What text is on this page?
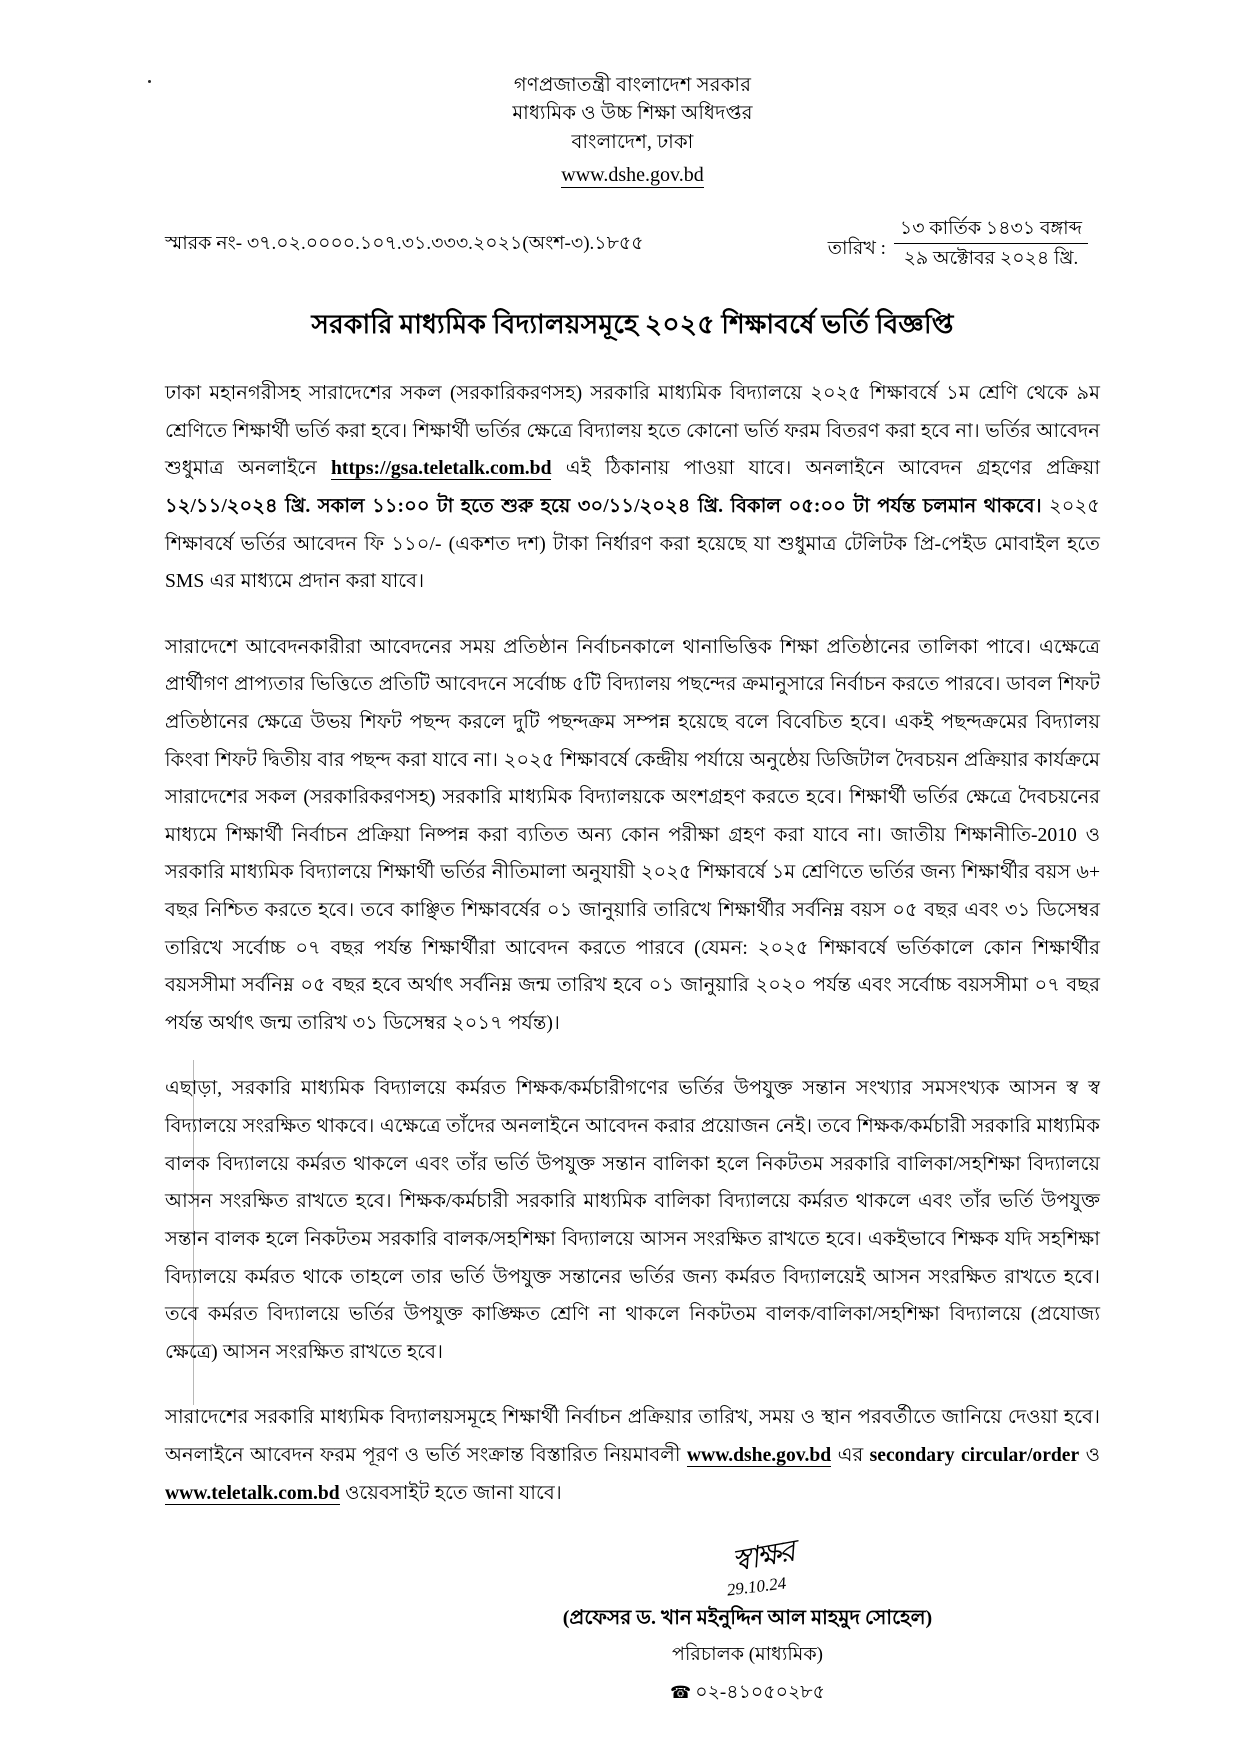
গণপ্রজাতন্ত্রী বাংলাদেশ সরকার
মাধ্যমিক ও উচ্চ শিক্ষা অধিদপ্তর
বাংলাদেশ, ঢাকা
www.dshe.gov.bd
স্মারক নং- ৩৭.০২.০০০০.১০৭.৩১.৩৩৩.২০২১(অংশ-৩).১৮৫৫	তারিখ :
১৩ কার্তিক ১৪৩১ বঙ্গাব্দ
২৯ অক্টোবর ২০২৪ খ্রি.
সরকারি মাধ্যমিক বিদ্যালয়সমূহে ২০২৫ শিক্ষাবর্ষে ভর্তি বিজ্ঞপ্তি

ঢাকা মহানগরীসহ সারাদেশের সকল (সরকারিকরণসহ) সরকারি মাধ্যমিক বিদ্যালয়ে ২০২৫ শিক্ষাবর্ষে ১ম শ্রেণি থেকে ৯ম শ্রেণিতে শিক্ষার্থী ভর্তি করা হবে। শিক্ষার্থী ভর্তির ক্ষেত্রে বিদ্যালয় হতে কোনো ভর্তি ফরম বিতরণ করা হবে না। ভর্তির আবেদন শুধুমাত্র অনলাইনে https://gsa.teletalk.com.bd এই ঠিকানায় পাওয়া যাবে। অনলাইনে আবেদন গ্রহণের প্রক্রিয়া ১২/১১/২০২৪ খ্রি. সকাল ১১:০০ টা হতে শুরু হয়ে ৩০/১১/২০২৪ খ্রি. বিকাল ০৫:০০ টা পর্যন্ত চলমান থাকবে। ২০২৫ শিক্ষাবর্ষে ভর্তির আবেদন ফি ১১০/- (একশত দশ) টাকা নির্ধারণ করা হয়েছে যা শুধুমাত্র টেলিটক প্রি-পেইড মোবাইল হতে SMS এর মাধ্যমে প্রদান করা যাবে।

সারাদেশে আবেদনকারীরা আবেদনের সময় প্রতিষ্ঠান নির্বাচনকালে থানাভিত্তিক শিক্ষা প্রতিষ্ঠানের তালিকা পাবে। এক্ষেত্রে প্রার্থীগণ প্রাপ্যতার ভিত্তিতে প্রতিটি আবেদনে সর্বোচ্চ ৫টি বিদ্যালয় পছন্দের ক্রমানুসারে নির্বাচন করতে পারবে। ডাবল শিফট প্রতিষ্ঠানের ক্ষেত্রে উভয় শিফট পছন্দ করলে দুটি পছন্দক্রম সম্পন্ন হয়েছে বলে বিবেচিত হবে। একই পছন্দক্রমের বিদ্যালয় কিংবা শিফট দ্বিতীয় বার পছন্দ করা যাবে না। ২০২৫ শিক্ষাবর্ষে কেন্দ্রীয় পর্যায়ে অনুষ্ঠেয় ডিজিটাল দৈবচয়ন প্রক্রিয়ার কার্যক্রমে সারাদেশের সকল (সরকারিকরণসহ) সরকারি মাধ্যমিক বিদ্যালয়কে অংশগ্রহণ করতে হবে। শিক্ষার্থী ভর্তির ক্ষেত্রে দৈবচয়নের মাধ্যমে শিক্ষার্থী নির্বাচন প্রক্রিয়া নিষ্পন্ন করা ব্যতিত অন্য কোন পরীক্ষা গ্রহণ করা যাবে না। জাতীয় শিক্ষানীতি-2010 ও সরকারি মাধ্যমিক বিদ্যালয়ে শিক্ষার্থী ভর্তির নীতিমালা অনুযায়ী ২০২৫ শিক্ষাবর্ষে ১ম শ্রেণিতে ভর্তির জন্য শিক্ষার্থীর বয়স ৬+ বছর নিশ্চিত করতে হবে। তবে কাঞ্ছিত শিক্ষাবর্ষের ০১ জানুয়ারি তারিখে শিক্ষার্থীর সর্বনিম্ন বয়স ০৫ বছর এবং ৩১ ডিসেম্বর তারিখে সর্বোচ্চ ০৭ বছর পর্যন্ত শিক্ষার্থীরা আবেদন করতে পারবে (যেমন: ২০২৫ শিক্ষাবর্ষে ভর্তিকালে কোন শিক্ষার্থীর বয়সসীমা সর্বনিম্ন ০৫ বছর হবে অর্থাৎ সর্বনিম্ন জন্ম তারিখ হবে ০১ জানুয়ারি ২০২০ পর্যন্ত এবং সর্বোচ্চ বয়সসীমা ০৭ বছর পর্যন্ত অর্থাৎ জন্ম তারিখ ৩১ ডিসেম্বর ২০১৭ পর্যন্ত)।

এছাড়া, সরকারি মাধ্যমিক বিদ্যালয়ে কর্মরত শিক্ষক/কর্মচারীগণের ভর্তির উপযুক্ত সন্তান সংখ্যার সমসংখ্যক আসন স্ব স্ব বিদ্যালয়ে সংরক্ষিত থাকবে। এক্ষেত্রে তাঁদের অনলাইনে আবেদন করার প্রয়োজন নেই। তবে শিক্ষক/কর্মচারী সরকারি মাধ্যমিক বালক বিদ্যালয়ে কর্মরত থাকলে এবং তাঁর ভর্তি উপযুক্ত সন্তান বালিকা হলে নিকটতম সরকারি বালিকা/সহশিক্ষা বিদ্যালয়ে আসন সংরক্ষিত রাখতে হবে। শিক্ষক/কর্মচারী সরকারি মাধ্যমিক বালিকা বিদ্যালয়ে কর্মরত থাকলে এবং তাঁর ভর্তি উপযুক্ত সন্তান বালক হলে নিকটতম সরকারি বালক/সহশিক্ষা বিদ্যালয়ে আসন সংরক্ষিত রাখতে হবে। একইভাবে শিক্ষক যদি সহশিক্ষা বিদ্যালয়ে কর্মরত থাকে তাহলে তার ভর্তি উপযুক্ত সন্তানের ভর্তির জন্য কর্মরত বিদ্যালয়েই আসন সংরক্ষিত রাখতে হবে। তবে কর্মরত বিদ্যালয়ে ভর্তির উপযুক্ত কাঙ্ক্ষিত শ্রেণি না থাকলে নিকটতম বালক/বালিকা/সহশিক্ষা বিদ্যালয়ে (প্রযোজ্য ক্ষেত্রে) আসন সংরক্ষিত রাখতে হবে।

সারাদেশের সরকারি মাধ্যমিক বিদ্যালয়সমূহে শিক্ষার্থী নির্বাচন প্রক্রিয়ার তারিখ, সময় ও স্থান পরবর্তীতে জানিয়ে দেওয়া হবে। অনলাইনে আবেদন ফরম পূরণ ও ভর্তি সংক্রান্ত বিস্তারিত নিয়মাবলী www.dshe.gov.bd এর secondary circular/order ও www.teletalk.com.bd ওয়েবসাইট হতে জানা যাবে।

স্বাক্ষর
29.10.24
(প্রফেসর ড. খান মইনুদ্দিন আল মাহমুদ সোহেল)
পরিচালক (মাধ্যমিক)
☎ ০২-৪১০৫০২৮৫
